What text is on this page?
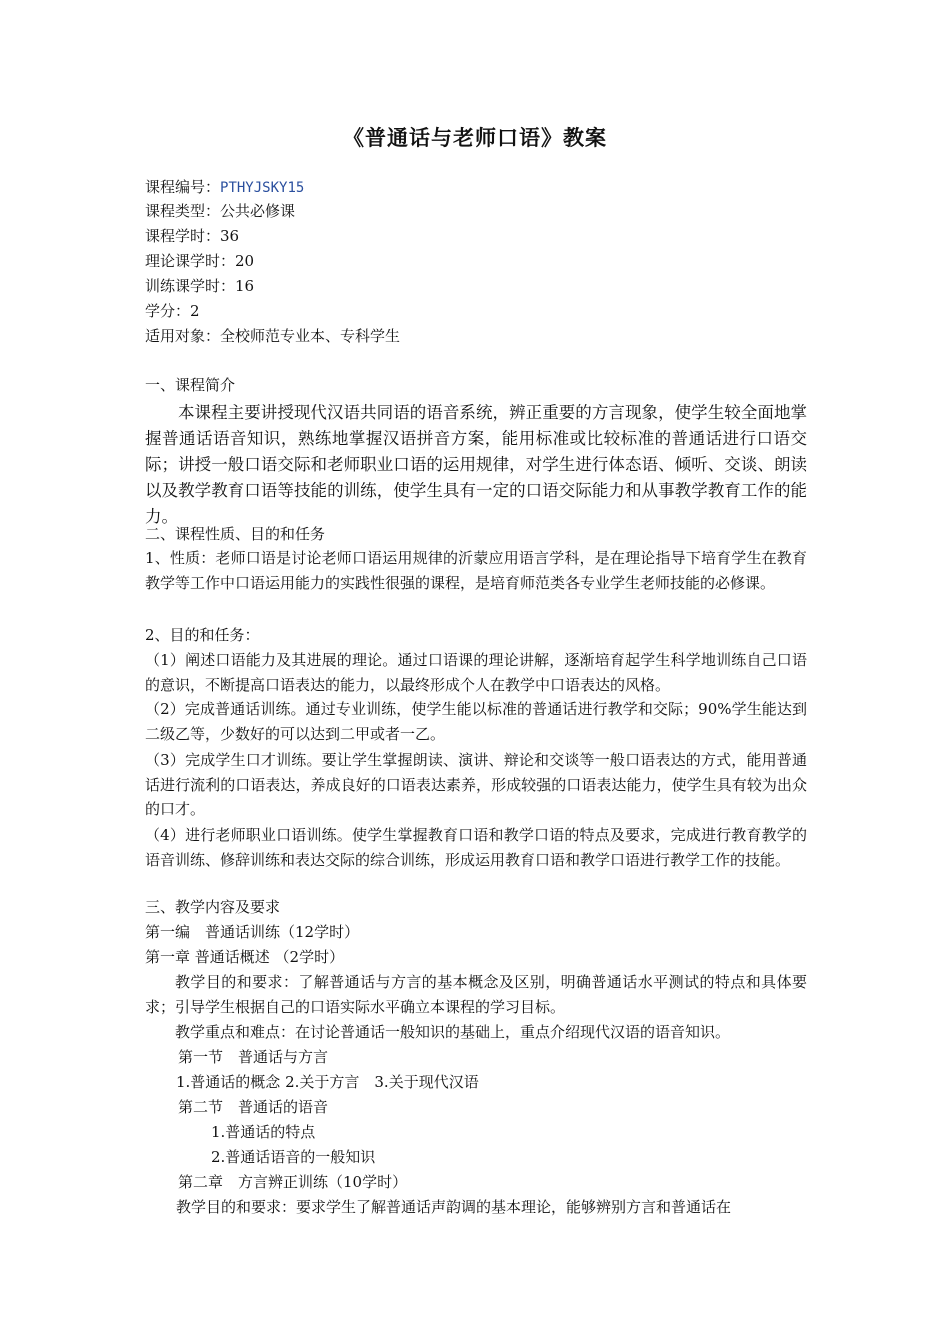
《普通话与老师口语》教案
课程编号：PTHYJSKY15
课程类型：公共必修课
课程学时：36
理论课学时：20
训练课学时：16
学分：2
适用对象：全校师范专业本、专科学生
一、课程简介
本课程主要讲授现代汉语共同语的语音系统，辨正重要的方言现象，使学生较全面地掌握普通话语音知识，熟练地掌握汉语拼音方案，能用标准或比较标准的普通话进行口语交际；讲授一般口语交际和老师职业口语的运用规律，对学生进行体态语、倾听、交谈、朗读以及教学教育口语等技能的训练，使学生具有一定的口语交际能力和从事教学教育工作的能力。
二、课程性质、目的和任务
1、性质：老师口语是讨论老师口语运用规律的沂蒙应用语言学科，是在理论指导下培育学生在教育教学等工作中口语运用能力的实践性很强的课程，是培育师范类各专业学生老师技能的必修课。
2、目的和任务：
（1）阐述口语能力及其进展的理论。通过口语课的理论讲解，逐渐培育起学生科学地训练自己口语的意识，不断提高口语表达的能力，以最终形成个人在教学中口语表达的风格。
（2）完成普通话训练。通过专业训练，使学生能以标准的普通话进行教学和交际；90%学生能达到二级乙等，少数好的可以达到二甲或者一乙。
（3）完成学生口才训练。要让学生掌握朗读、演讲、辩论和交谈等一般口语表达的方式，能用普通话进行流利的口语表达，养成良好的口语表达素养，形成较强的口语表达能力，使学生具有较为出众的口才。
（4）进行老师职业口语训练。使学生掌握教育口语和教学口语的特点及要求，完成进行教育教学的语音训练、修辞训练和表达交际的综合训练，形成运用教育口语和教学口语进行教学工作的技能。
三、教学内容及要求
第一编　普通话训练（12学时）
第一章 普通话概述 （2学时）
教学目的和要求：了解普通话与方言的基本概念及区别，明确普通话水平测试的特点和具体要求；引导学生根据自己的口语实际水平确立本课程的学习目标。
教学重点和难点：在讨论普通话一般知识的基础上，重点介绍现代汉语的语音知识。
第一节　普通话与方言
1.普通话的概念 2.关于方言　3.关于现代汉语
第二节　普通话的语音
1.普通话的特点
2.普通话语音的一般知识
第二章　方言辨正训练（10学时）
教学目的和要求：要求学生了解普通话声韵调的基本理论，能够辨别方言和普通话在
